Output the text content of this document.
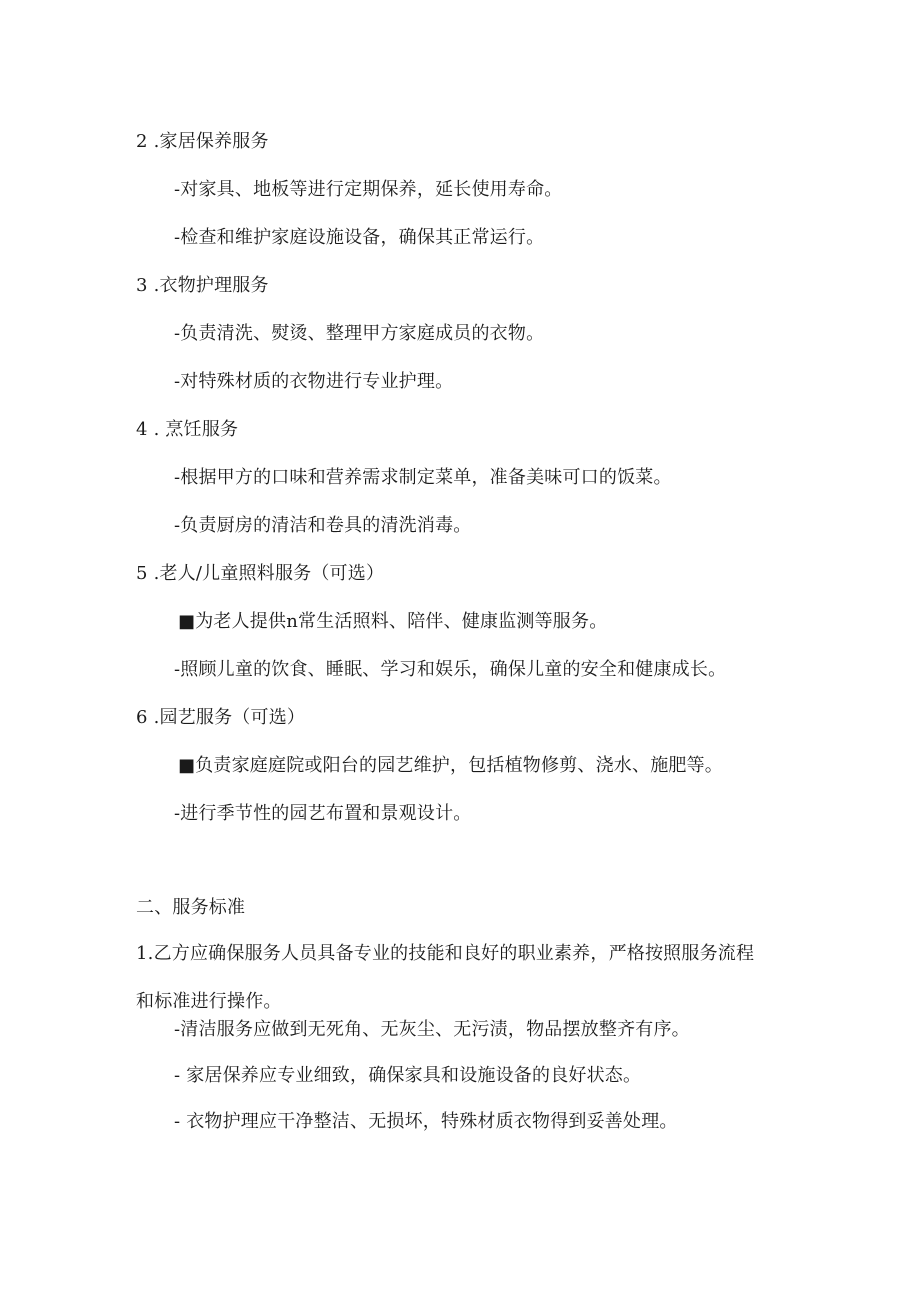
2 .家居保养服务
-对家具、地板等进行定期保养，延长使用寿命。
-检查和维护家庭设施设备，确保其正常运行。
3 .衣物护理服务
-负责清洗、熨烫、整理甲方家庭成员的衣物。
-对特殊材质的衣物进行专业护理。
4 . 烹饪服务
-根据甲方的口味和营养需求制定菜单，准备美味可口的饭菜。
-负责厨房的清洁和卷具的清洗消毒。
5 .老人/儿童照料服务（可选）
■为老人提供n常生活照料、陪伴、健康监测等服务。
-照顾儿童的饮食、睡眠、学习和娱乐，确保儿童的安全和健康成长。
6 .园艺服务（可选）
■负责家庭庭院或阳台的园艺维护，包括植物修剪、浇水、施肥等。
-进行季节性的园艺布置和景观设计。
二、服务标准
1.乙方应确保服务人员具备专业的技能和良好的职业素养，严格按照服务流程
和标准进行操作。
-清洁服务应做到无死角、无灰尘、无污渍，物品摆放整齐有序。
- 家居保养应专业细致，确保家具和设施设备的良好状态。
- 衣物护理应干净整洁、无损坏，特殊材质衣物得到妥善处理。
